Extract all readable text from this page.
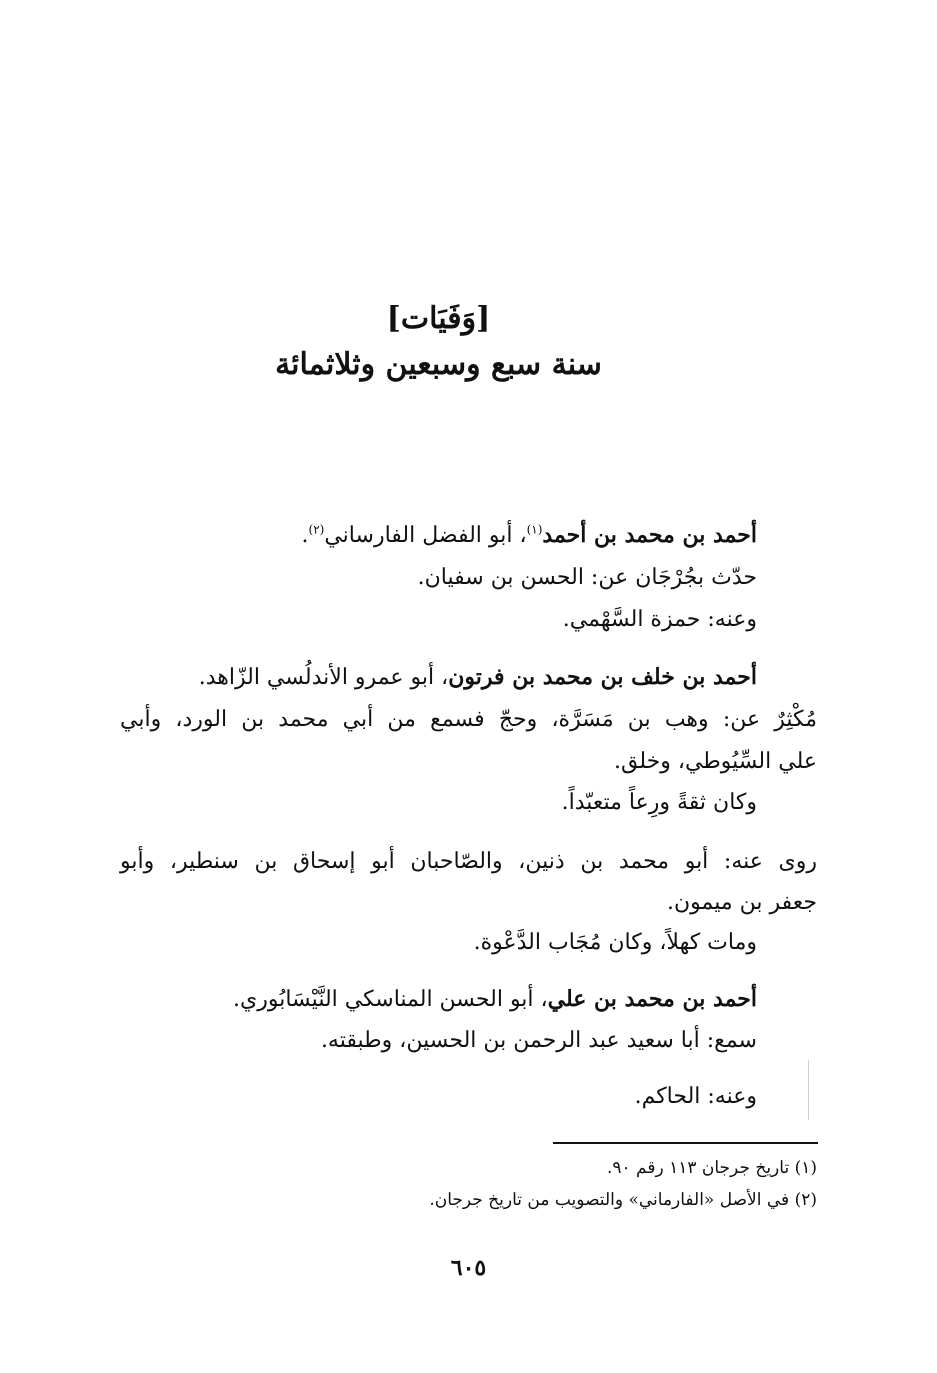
[وَفَيَات]
سنة سبع وسبعين وثلاثمائة
أحمد بن محمد بن أحمد$^{(١)}$، أبو الفضل الفارساني$^{(٢)}$.
حدّث بجُرْجَان عن: الحسن بن سفيان.
وعنه: حمزة السَّهْمي.
أحمد بن خلف بن محمد بن فرتون، أبو عمرو الأندلُسي الزّاهد.
مُكْثِرٌ عن: وهب بن مَسَرَّة، وحجّ فسمع من أبي محمد بن الورد، وأبي
علي السِّيُوطي، وخلق.
وكان ثقةً ورِعاً متعبّداً.
روى عنه: أبو محمد بن ذنين، والصّاحبان أبو إسحاق بن سنطير، وأبو
جعفر بن ميمون.
ومات كهلاً، وكان مُجَاب الدَّعْوة.
أحمد بن محمد بن علي، أبو الحسن المناسكي النَّيْسَابُوري.
سمع: أبا سعيد عبد الرحمن بن الحسين، وطبقته.
وعنه: الحاكم.
(١) تاريخ جرجان ١١٣ رقم ٩٠.
(٢) في الأصل «الفارماني» والتصويب من تاريخ جرجان.
٦٠٥
